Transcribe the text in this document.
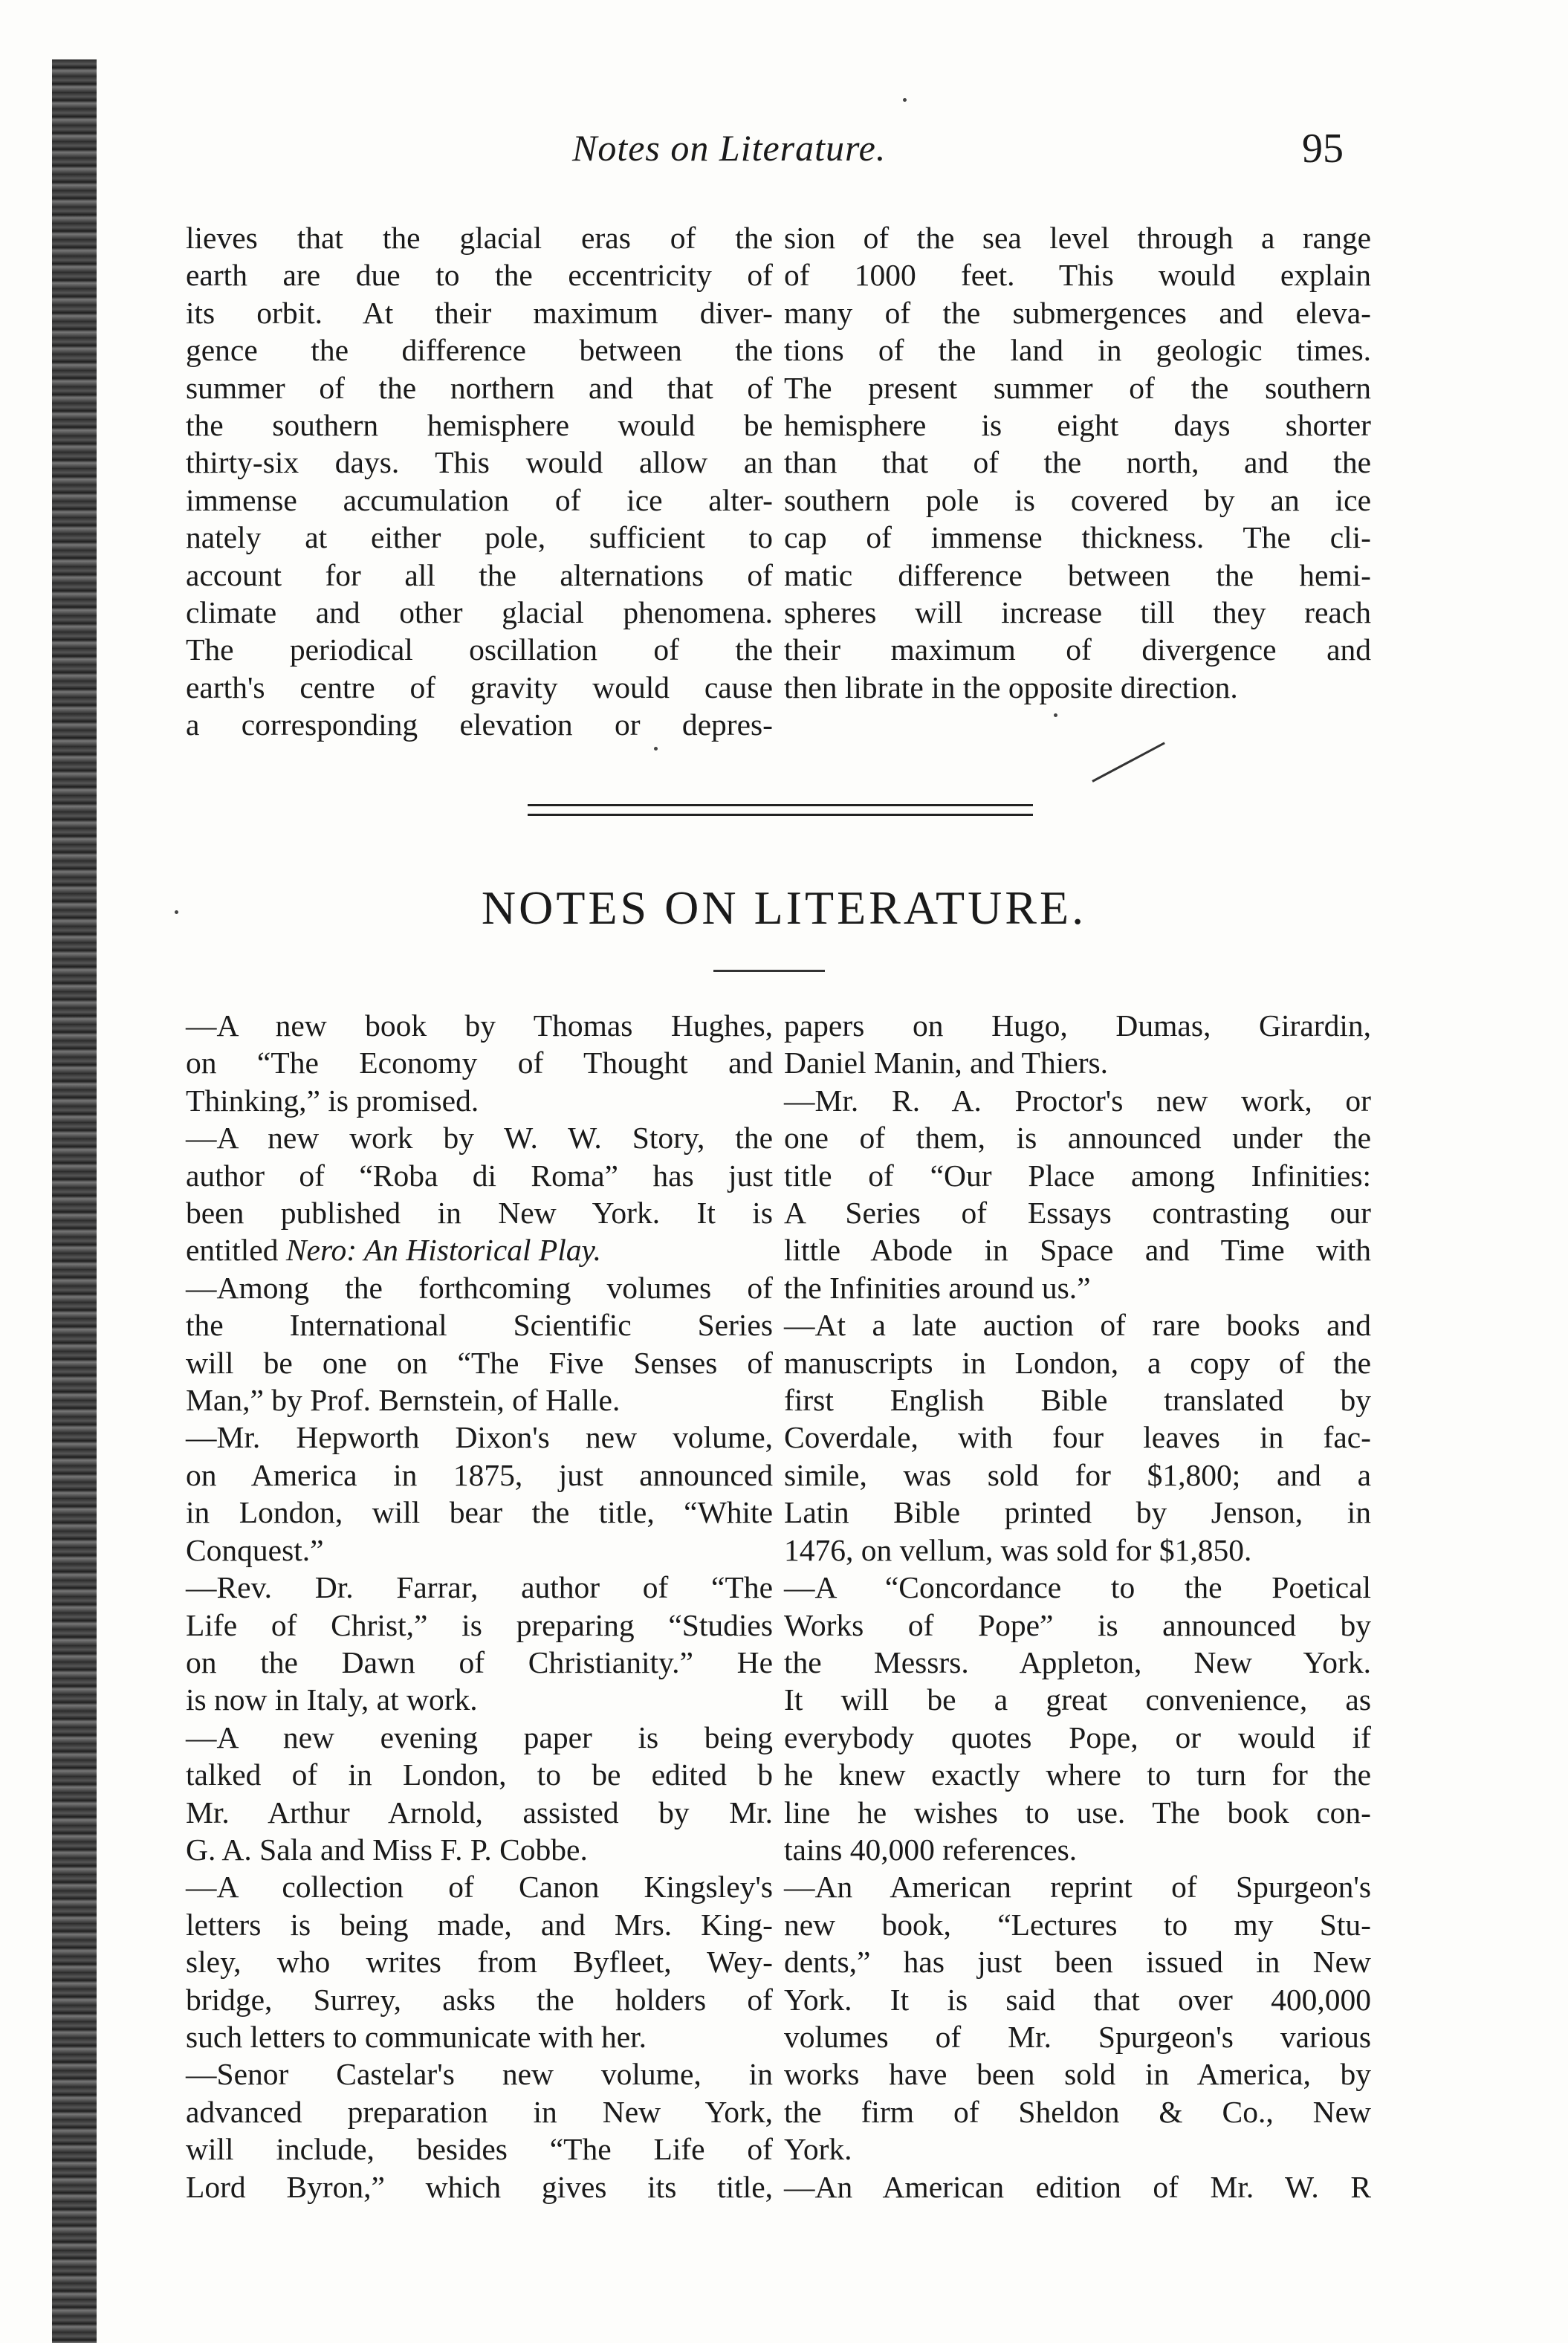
Notes on Literature.	95
lieves that the glacial eras of the
earth are due to the eccentricity of
its orbit. At their maximum diver-
gence the difference between the
summer of the northern and that of
the southern hemisphere would be
thirty-six days. This would allow an
immense accumulation of ice alter-
nately at either pole, sufficient to
account for all the alternations of
climate and other glacial phenomena.
The periodical oscillation of the
earth's centre of gravity would cause
a corresponding elevation or depres-
sion of the sea level through a range
of 1000 feet. This would explain
many of the submergences and eleva-
tions of the land in geologic times.
The present summer of the southern
hemisphere is eight days shorter
than that of the north, and the
southern pole is covered by an ice
cap of immense thickness. The cli-
matic difference between the hemi-
spheres will increase till they reach
their maximum of divergence and
then librate in the opposite direction.
NOTES ON LITERATURE.
—A new book by Thomas Hughes,
on “The Economy of Thought and
Thinking,” is promised.
—A new work by W. W. Story, the
author of “Roba di Roma” has just
been published in New York. It is
entitled Nero: An Historical Play.
—Among the forthcoming volumes of
the International Scientific Series
will be one on “The Five Senses of
Man,” by Prof. Bernstein, of Halle.
—Mr. Hepworth Dixon's new volume,
on America in 1875, just announced
in London, will bear the title, “White
Conquest.”
—Rev. Dr. Farrar, author of “The
Life of Christ,” is preparing “Studies
on the Dawn of Christianity.” He
is now in Italy, at work.
—A new evening paper is being
talked of in London, to be edited b
Mr. Arthur Arnold, assisted by Mr.
G. A. Sala and Miss F. P. Cobbe.
—A collection of Canon Kingsley's
letters is being made, and Mrs. King-
sley, who writes from Byfleet, Wey-
bridge, Surrey, asks the holders of
such letters to communicate with her.
—Senor Castelar's new volume, in
advanced preparation in New York,
will include, besides “The Life of
Lord Byron,” which gives its title,
papers on Hugo, Dumas, Girardin,
Daniel Manin, and Thiers.
—Mr. R. A. Proctor's new work, or
one of them, is announced under the
title of “Our Place among Infinities:
A Series of Essays contrasting our
little Abode in Space and Time with
the Infinities around us.”
—At a late auction of rare books and
manuscripts in London, a copy of the
first English Bible translated by
Coverdale, with four leaves in fac-
simile, was sold for $1,800; and a
Latin Bible printed by Jenson, in
1476, on vellum, was sold for $1,850.
—A “Concordance to the Poetical
Works of Pope” is announced by
the Messrs. Appleton, New York.
It will be a great convenience, as
everybody quotes Pope, or would if
he knew exactly where to turn for the
line he wishes to use. The book con-
tains 40,000 references.
—An American reprint of Spurgeon's
new book, “Lectures to my Stu-
dents,” has just been issued in New
York. It is said that over 400,000
volumes of Mr. Spurgeon's various
works have been sold in America, by
the firm of Sheldon & Co., New
York.
—An American edition of Mr. W. R
